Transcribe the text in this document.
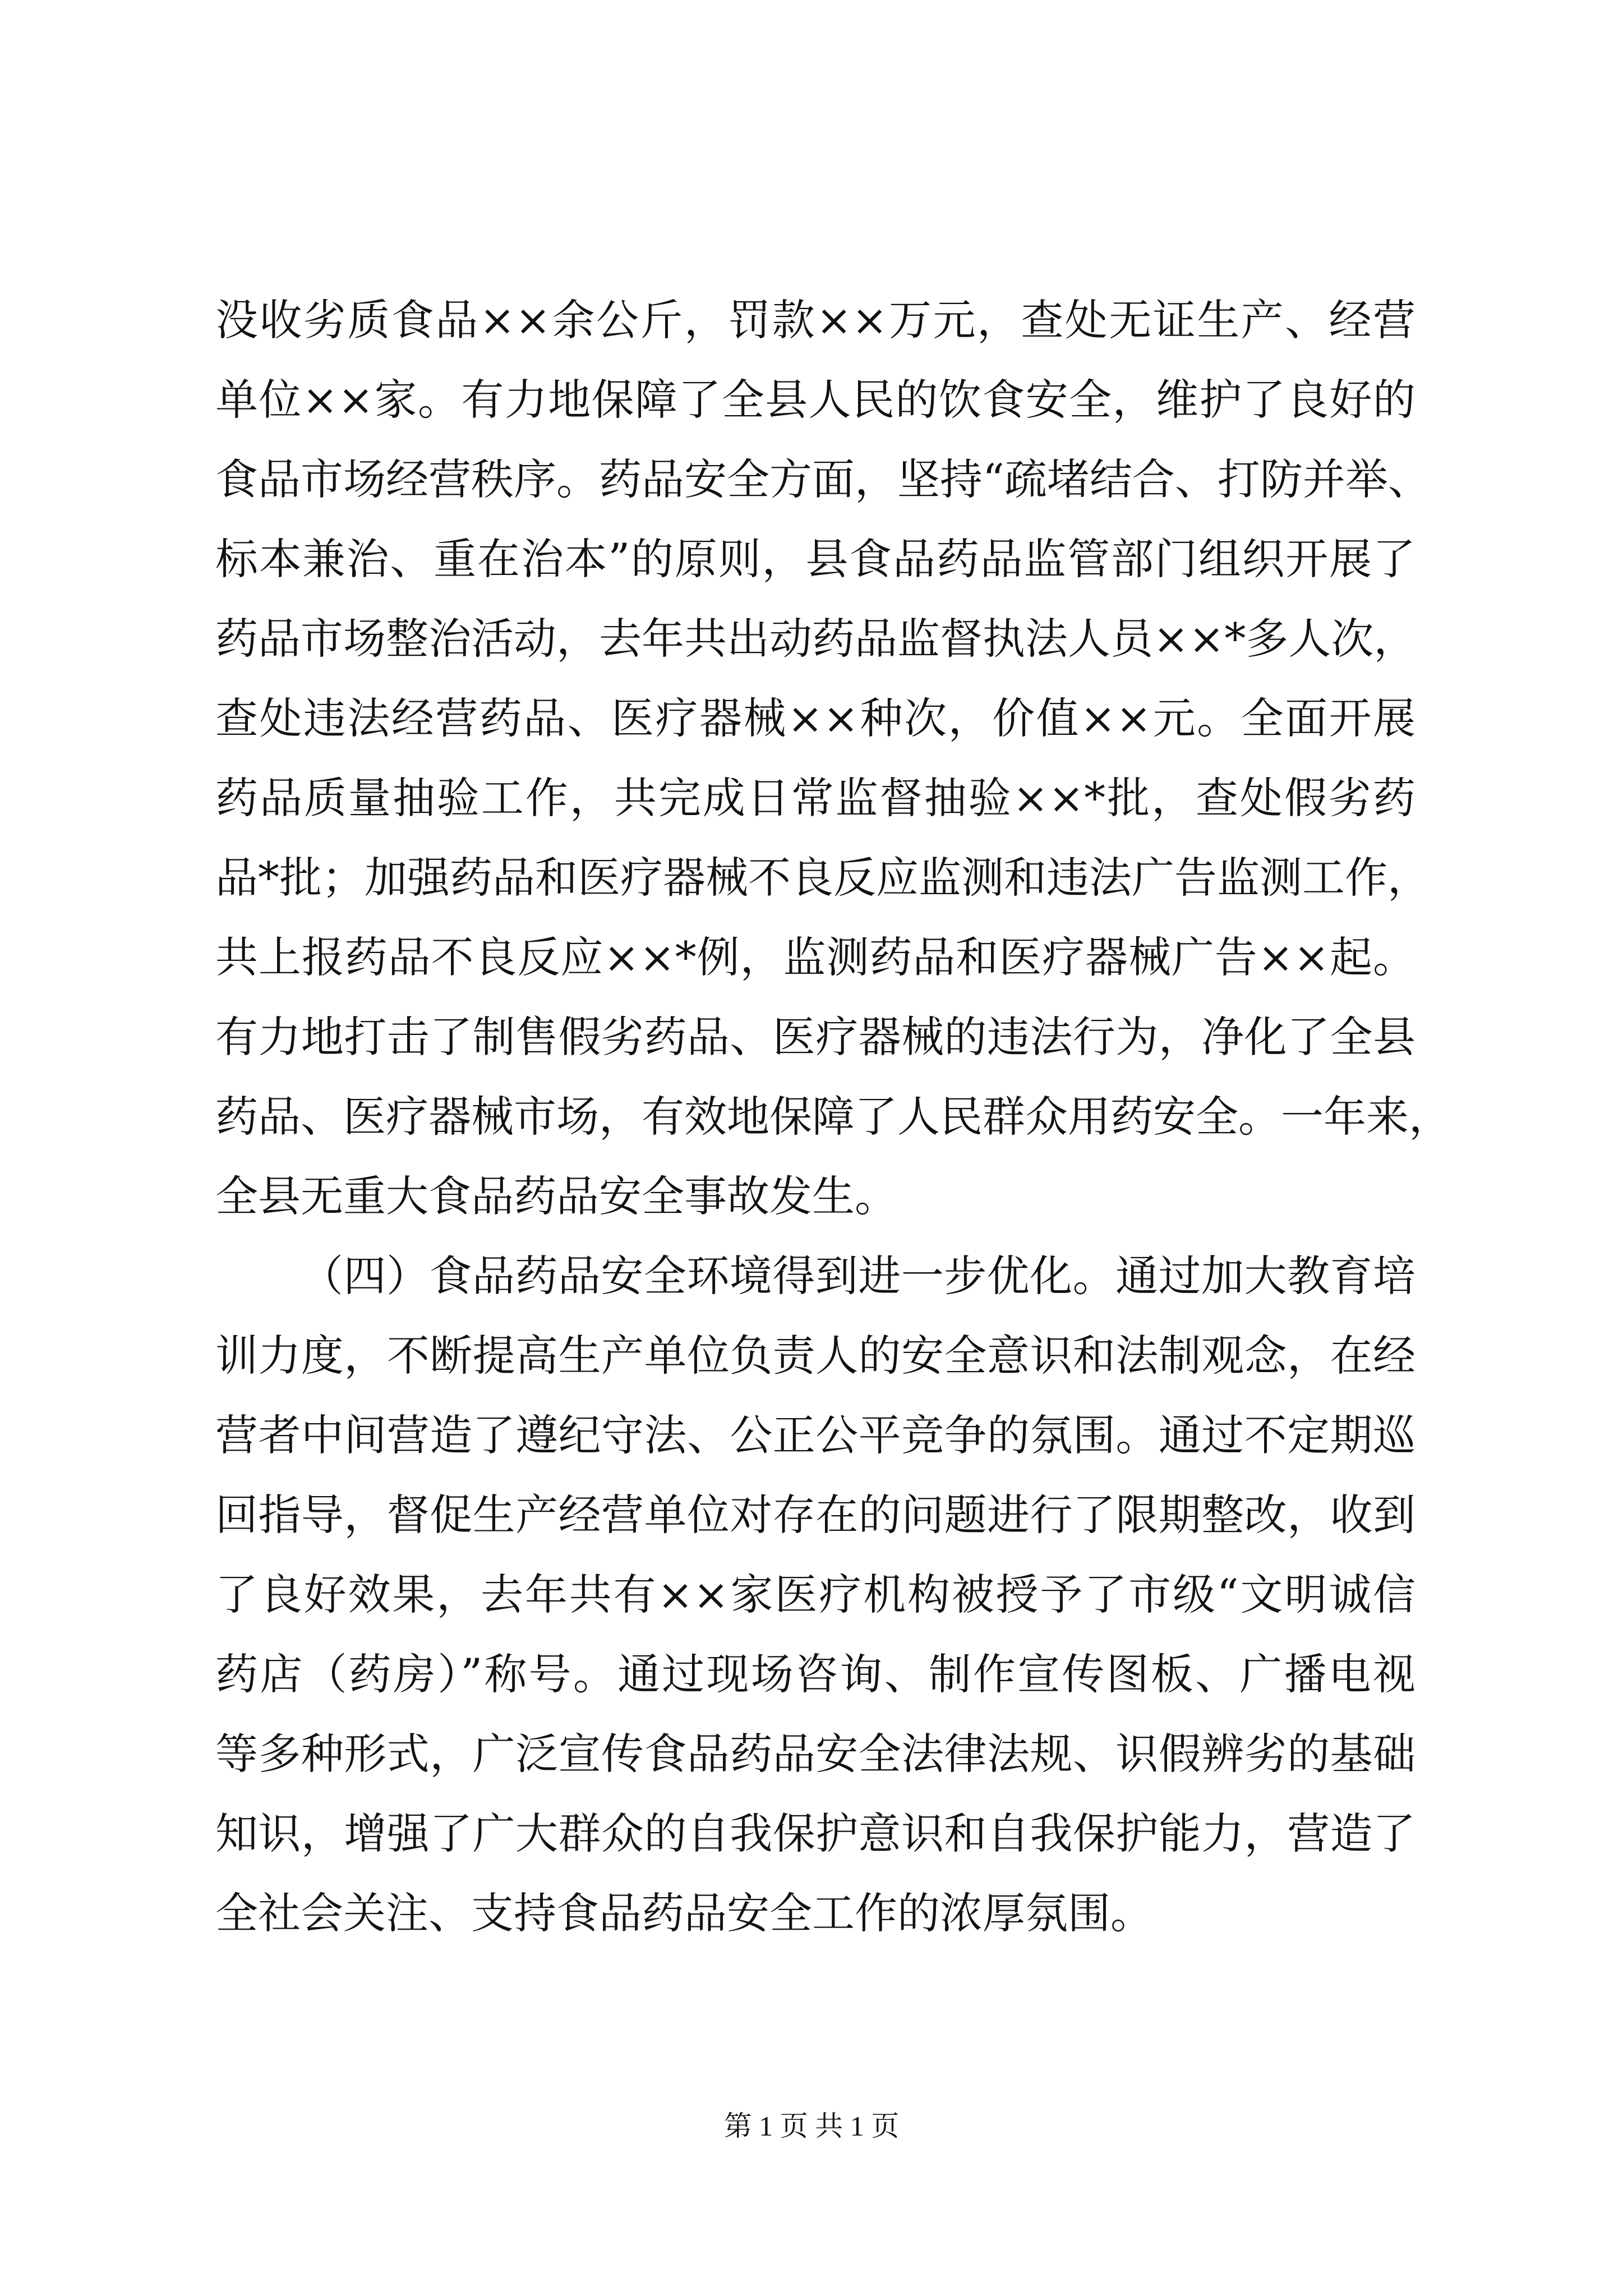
没收劣质食品××余公斤，罚款××万元，查处无证生产、经营
单位××家。有力地保障了全县人民的饮食安全，维护了良好的
食品市场经营秩序。药品安全方面，坚持“疏堵结合、打防并举、
标本兼治、重在治本”的原则，县食品药品监管部门组织开展了
药品市场整治活动，去年共出动药品监督执法人员××*多人次，
查处违法经营药品、医疗器械××种次，价值××元。全面开展
药品质量抽验工作，共完成日常监督抽验××*批，查处假劣药
品*批；加强药品和医疗器械不良反应监测和违法广告监测工作，
共上报药品不良反应××*例，监测药品和医疗器械广告××起。
有力地打击了制售假劣药品、医疗器械的违法行为，净化了全县
药品、医疗器械市场，有效地保障了人民群众用药安全。一年来，
全县无重大食品药品安全事故发生。
（四）食品药品安全环境得到进一步优化。通过加大教育培
训力度，不断提高生产单位负责人的安全意识和法制观念，在经
营者中间营造了遵纪守法、公正公平竞争的氛围。通过不定期巡
回指导，督促生产经营单位对存在的问题进行了限期整改，收到
了良好效果，去年共有××家医疗机构被授予了市级“文明诚信
药店（药房）”称号。通过现场咨询、制作宣传图板、广播电视
等多种形式，广泛宣传食品药品安全法律法规、识假辨劣的基础
知识，增强了广大群众的自我保护意识和自我保护能力，营造了
全社会关注、支持食品药品安全工作的浓厚氛围。
第 1 页 共 1 页
